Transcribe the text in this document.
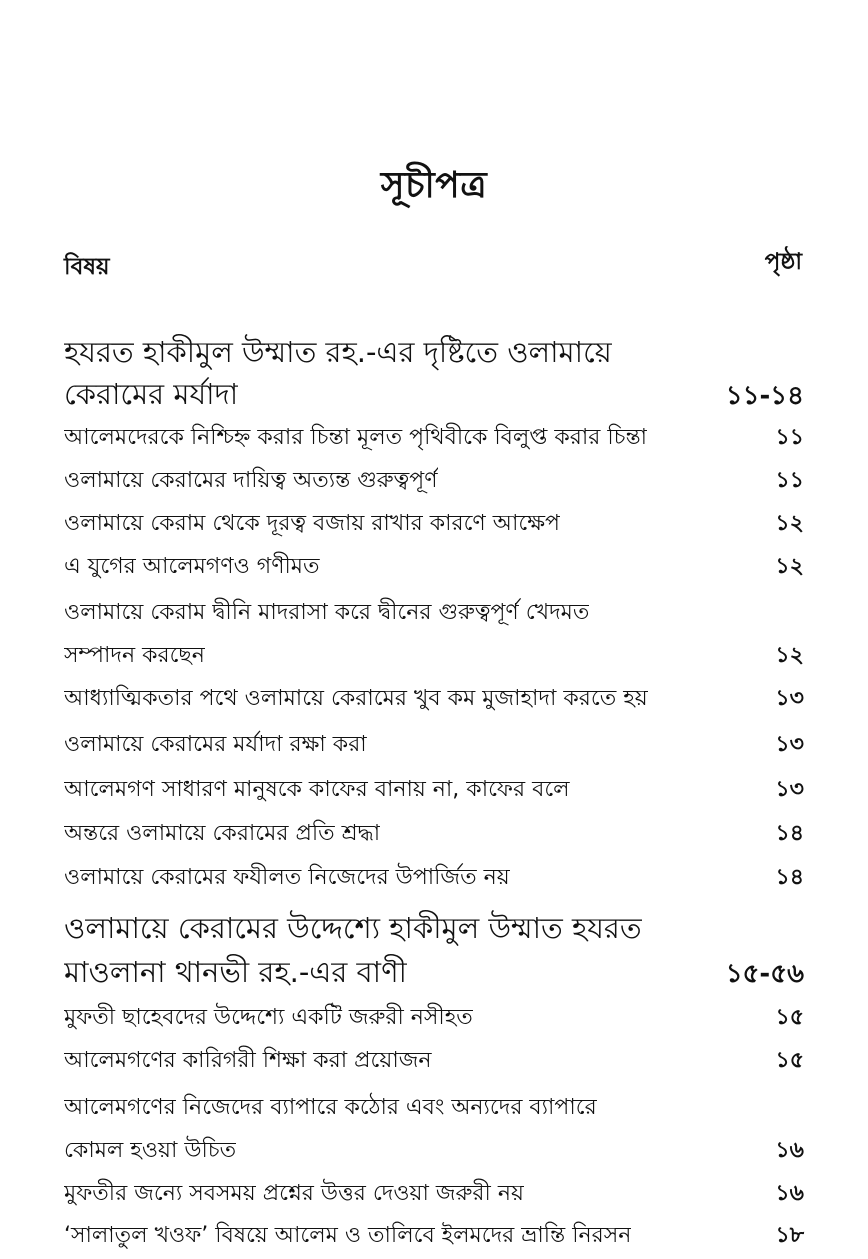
সূচীপত্র
বিষয়	পৃষ্ঠা
হযরত হাকীমুল উম্মাত রহ.-এর দৃষ্টিতে ওলামায়ে
কেরামের মর্যাদা	১১-১৪
আলেমদেরকে নিশ্চিহ্ন করার চিন্তা মূলত পৃথিবীকে বিলুপ্ত করার চিন্তা	১১
ওলামায়ে কেরামের দায়িত্ব অত্যন্ত গুরুত্বপূর্ণ	১১
ওলামায়ে কেরাম থেকে দূরত্ব বজায় রাখার কারণে আক্ষেপ	১২
এ যুগের আলেমগণও গণীমত	১২
ওলামায়ে কেরাম দ্বীনি মাদরাসা করে দ্বীনের গুরুত্বপূর্ণ খেদমত
সম্পাদন করছেন	১২
আধ্যাত্মিকতার পথে ওলামায়ে কেরামের খুব কম মুজাহাদা করতে হয়	১৩
ওলামায়ে কেরামের মর্যাদা রক্ষা করা	১৩
আলেমগণ সাধারণ মানুষকে কাফের বানায় না, কাফের বলে	১৩
অন্তরে ওলামায়ে কেরামের প্রতি শ্রদ্ধা	১৪
ওলামায়ে কেরামের ফযীলত নিজেদের উপার্জিত নয়	১৪
ওলামায়ে কেরামের উদ্দেশ্যে হাকীমুল উম্মাত হযরত
মাওলানা থানভী রহ.-এর বাণী	১৫-৫৬
মুফতী ছাহেবদের উদ্দেশ্যে একটি জরুরী নসীহত	১৫
আলেমগণের কারিগরী শিক্ষা করা প্রয়োজন	১৫
আলেমগণের নিজেদের ব্যাপারে কঠোর এবং অন্যদের ব্যাপারে
কোমল হওয়া উচিত	১৬
মুফতীর জন্যে সবসময় প্রশ্নের উত্তর দেওয়া জরুরী নয়	১৬
‘সালাতুল খওফ’ বিষয়ে আলেম ও তালিবে ইলমদের ভ্রান্তি নিরসন	১৮
